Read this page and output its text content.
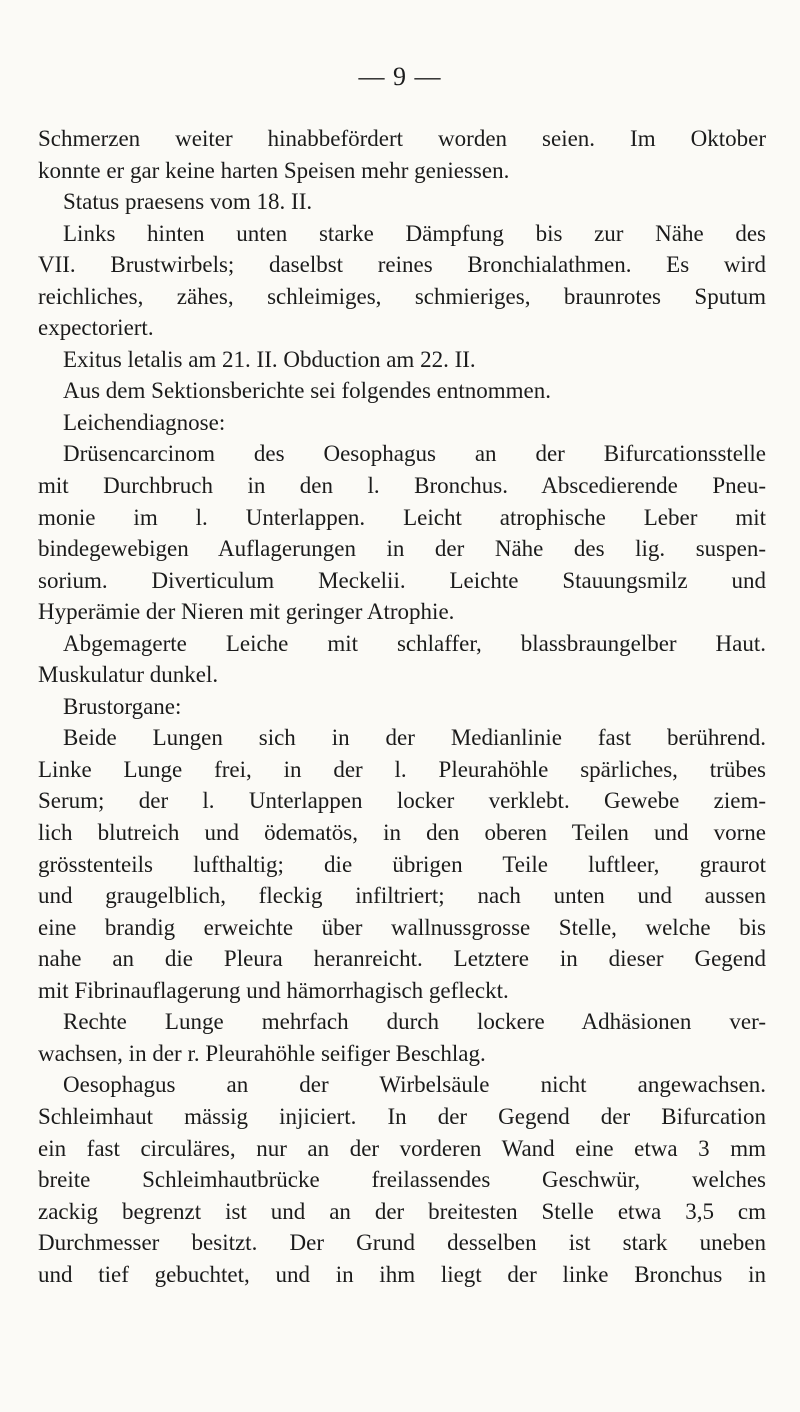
— 9 —
Schmerzen weiter hinabbefördert worden seien. Im Oktober
konnte er gar keine harten Speisen mehr geniessen.
Status praesens vom 18. II.
Links hinten unten starke Dämpfung bis zur Nähe des
VII. Brustwirbels; daselbst reines Bronchialathmen. Es wird
reichliches, zähes, schleimiges, schmieriges, braunrotes Sputum
expectoriert.
Exitus letalis am 21. II. Obduction am 22. II.
Aus dem Sektionsberichte sei folgendes entnommen.
Leichendiagnose:
Drüsencarcinom des Oesophagus an der Bifurcationsstelle
mit Durchbruch in den l. Bronchus. Abscedierende Pneu-
monie im l. Unterlappen. Leicht atrophische Leber mit
bindegewebigen Auflagerungen in der Nähe des lig. suspen-
sorium. Diverticulum Meckelii. Leichte Stauungsmilz und
Hyperämie der Nieren mit geringer Atrophie.
Abgemagerte Leiche mit schlaffer, blassbraungelber Haut.
Muskulatur dunkel.
Brustorgane:
Beide Lungen sich in der Medianlinie fast berührend.
Linke Lunge frei, in der l. Pleurahöhle spärliches, trübes
Serum; der l. Unterlappen locker verklebt. Gewebe ziem-
lich blutreich und ödematös, in den oberen Teilen und vorne
grösstenteils lufthaltig; die übrigen Teile luftleer, graurot
und graugelblich, fleckig infiltriert; nach unten und aussen
eine brandig erweichte über wallnussgrosse Stelle, welche bis
nahe an die Pleura heranreicht. Letztere in dieser Gegend
mit Fibrinauflagerung und hämorrhagisch gefleckt.
Rechte Lunge mehrfach durch lockere Adhäsionen ver-
wachsen, in der r. Pleurahöhle seifiger Beschlag.
Oesophagus an der Wirbelsäule nicht angewachsen.
Schleimhaut mässig injiciert. In der Gegend der Bifurcation
ein fast circuläres, nur an der vorderen Wand eine etwa 3 mm
breite Schleimhautbrücke freilassendes Geschwür, welches
zackig begrenzt ist und an der breitesten Stelle etwa 3,5 cm
Durchmesser besitzt. Der Grund desselben ist stark uneben
und tief gebuchtet, und in ihm liegt der linke Bronchus in
